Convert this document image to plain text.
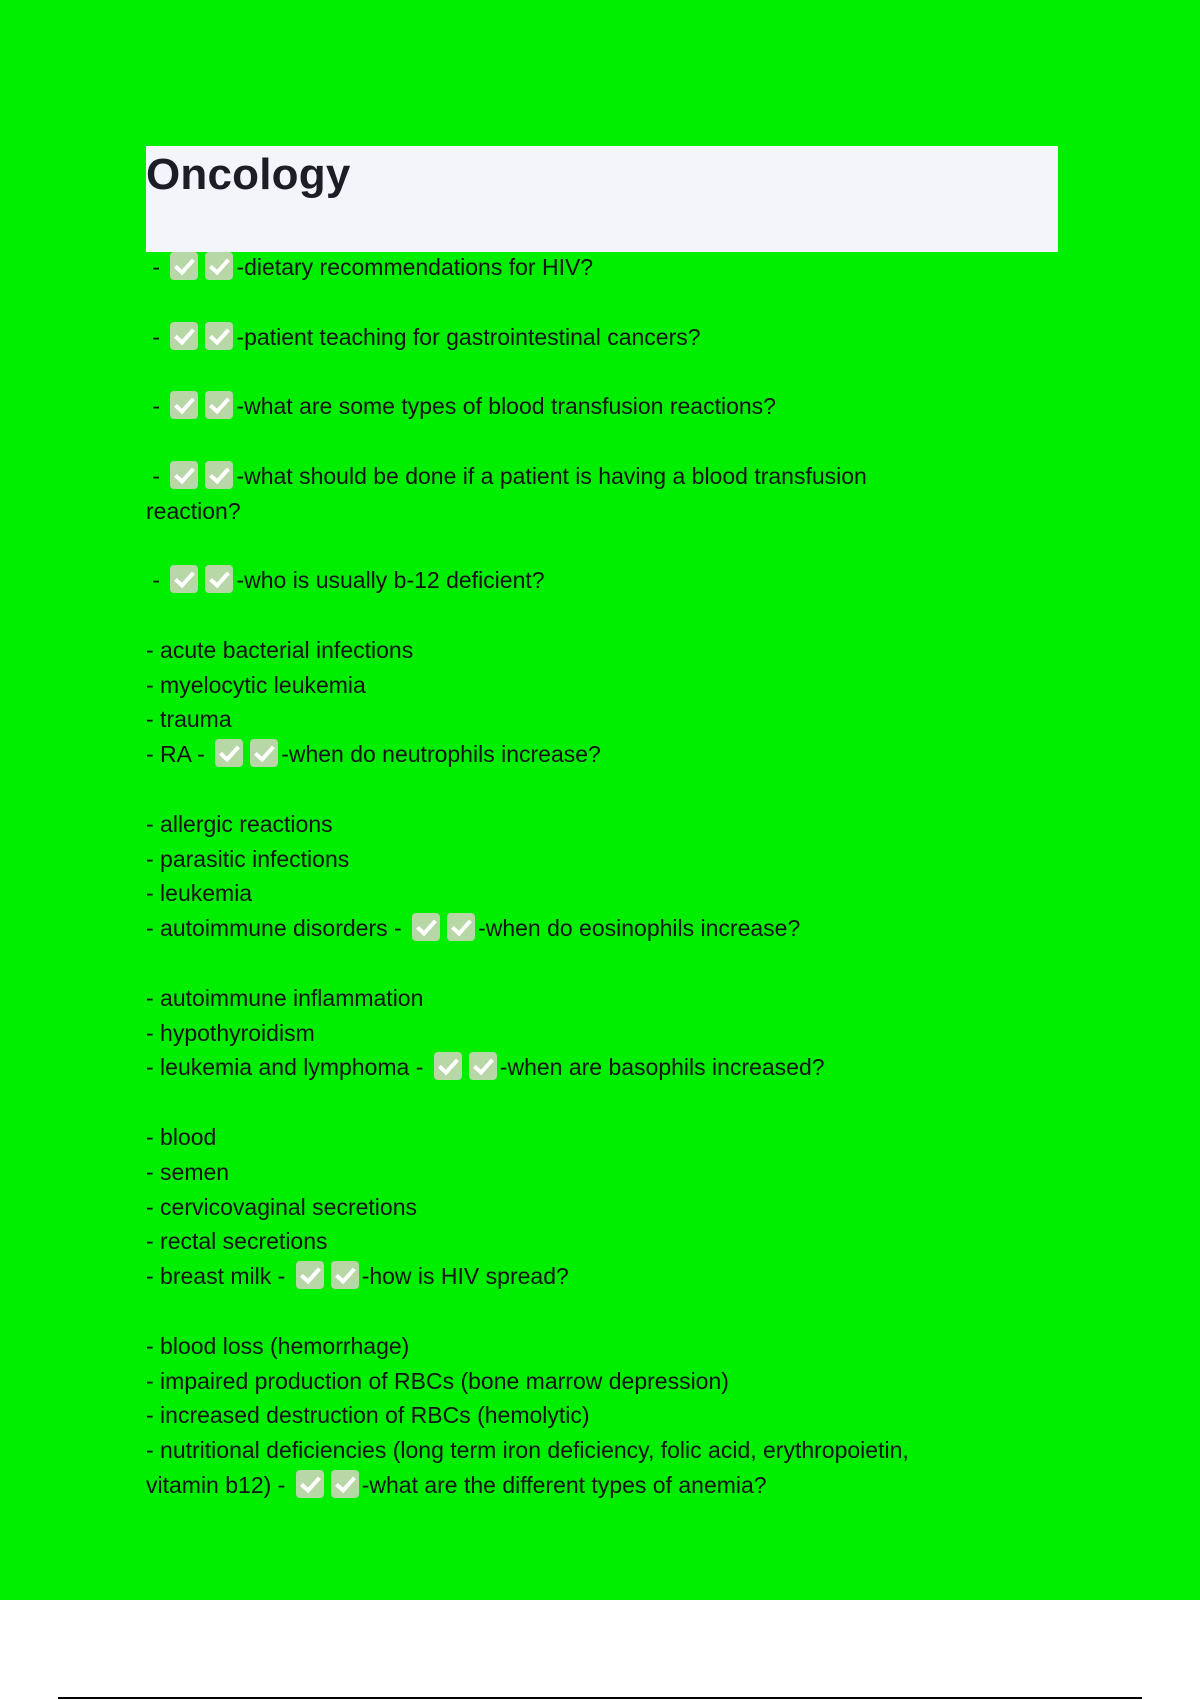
Oncology
-	-dietary recommendations for HIV?
-	-patient teaching for gastrointestinal cancers?
-	-what are some types of blood transfusion reactions?
-	-what should be done if a patient is having a blood transfusion
reaction?
-	-who is usually b-12 deficient?
- acute bacterial infections
- myelocytic leukemia
- trauma
- RA -	-when do neutrophils increase?
- allergic reactions
- parasitic infections
- leukemia
- autoimmune disorders -	-when do eosinophils increase?
- autoimmune inflammation
- hypothyroidism
- leukemia and lymphoma -	-when are basophils increased?
- blood
- semen
- cervicovaginal secretions
- rectal secretions
- breast milk -	-how is HIV spread?
- blood loss (hemorrhage)
- impaired production of RBCs (bone marrow depression)
- increased destruction of RBCs (hemolytic)
- nutritional deficiencies (long term iron deficiency, folic acid, erythropoietin,
vitamin b12) -	-what are the different types of anemia?
